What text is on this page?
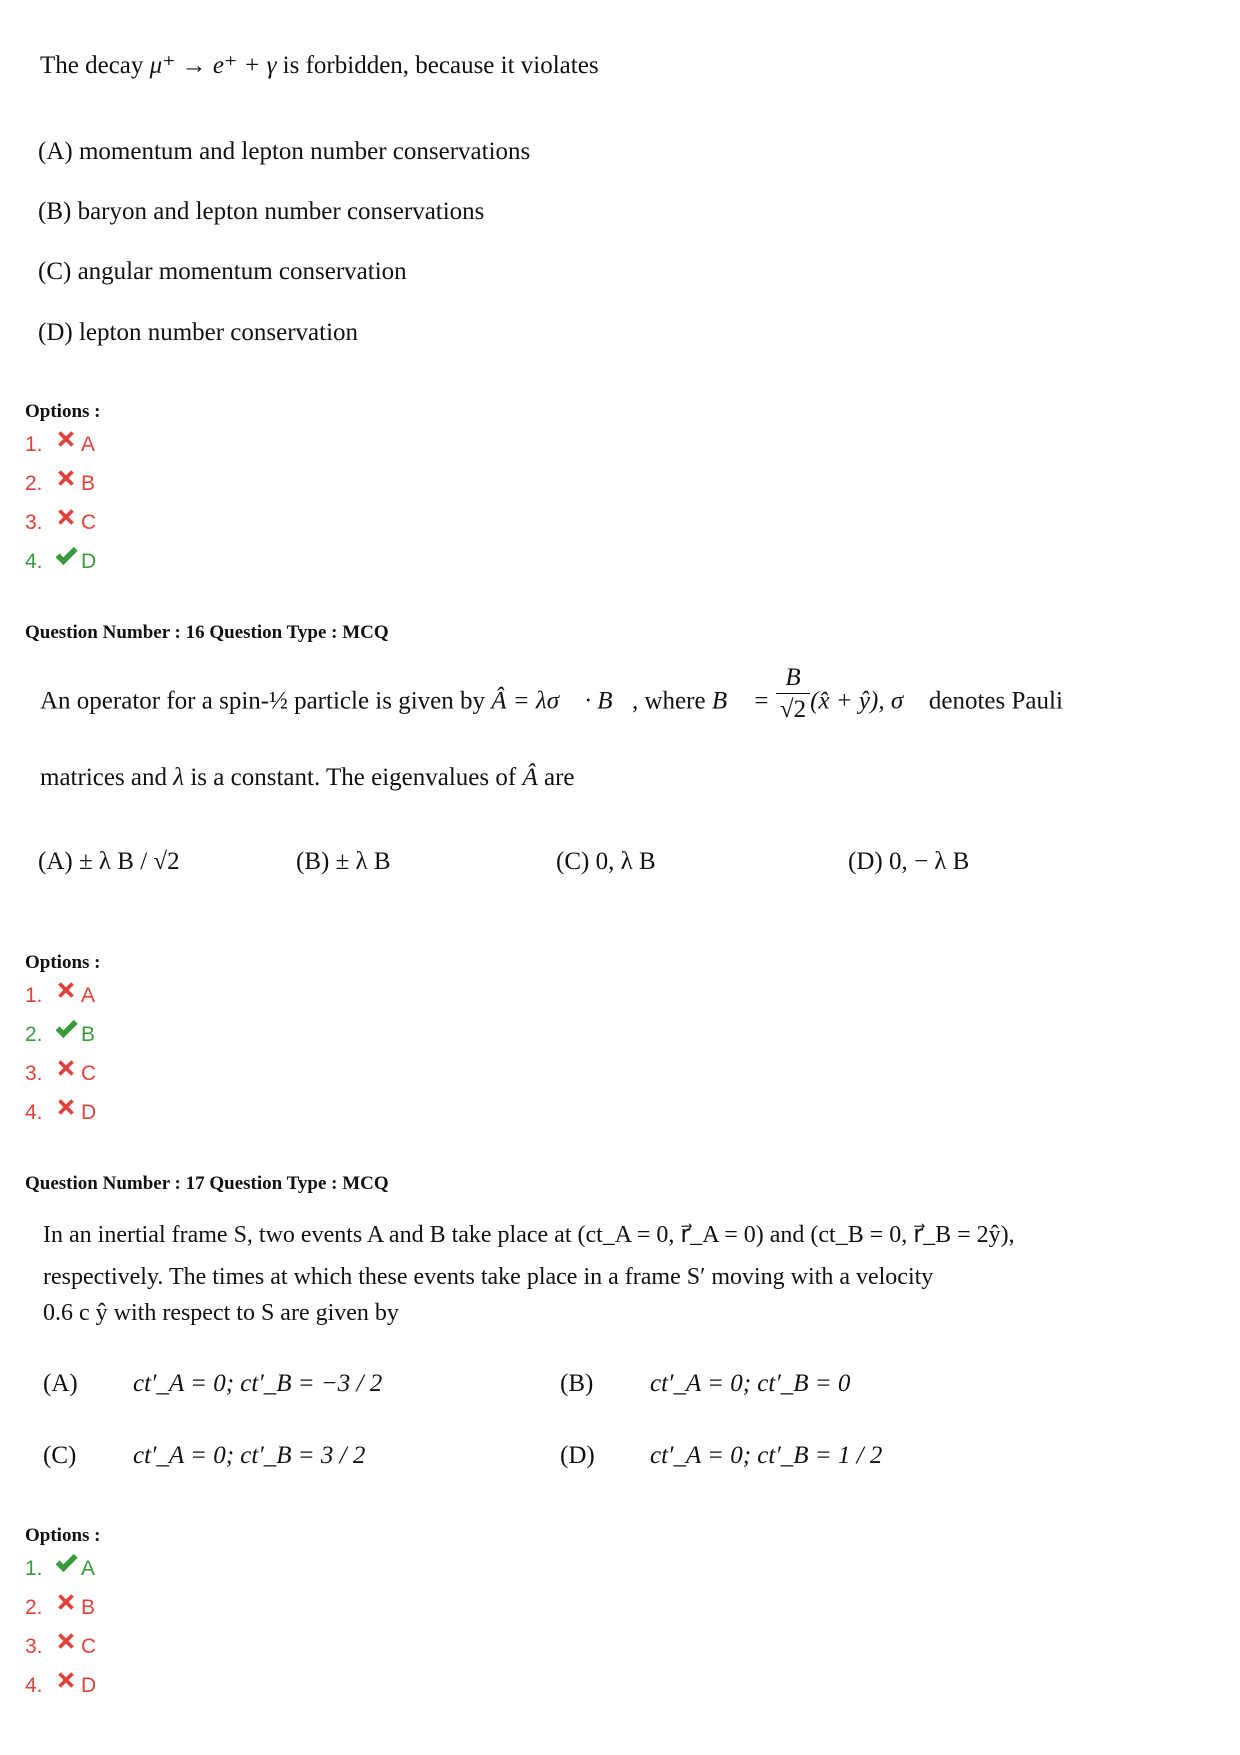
The decay μ⁺ → e⁺ + γ is forbidden, because it violates
(A) momentum and lepton number conservations
(B) baryon and lepton number conservations
(C) angular momentum conservation
(D) lepton number conservation
Options :
1.	A
2.	B
3.	C
4.	D
Question Number : 16 Question Type : MCQ
An operator for a spin-½ particle is given by Â = λσ⃗ · B⃗, where B⃗ = $\frac{B}{√2}$ (x̂ + ŷ), σ⃗ denotes Pauli
matrices and λ is a constant. The eigenvalues of Â are
(A) ± λ B / √2	(B) ± λ B	(C) 0, λ B	(D) 0, − λ B
Options :
1.	A
2.	B
3.	C
4.	D
Question Number : 17 Question Type : MCQ
In an inertial frame S, two events A and B take place at (ct_A = 0, r⃗_A = 0) and (ct_B = 0, r⃗_B = 2ŷ),
respectively. The times at which these events take place in a frame S′ moving with a velocity
0.6 c ŷ with respect to S are given by
(A) ct′_A = 0; ct′_B = −3 / 2	(B) ct′_A = 0; ct′_B = 0
(C) ct′_A = 0; ct′_B = 3 / 2	(D) ct′_A = 0; ct′_B = 1 / 2
Options :
1.	A
2.	B
3.	C
4.	D
